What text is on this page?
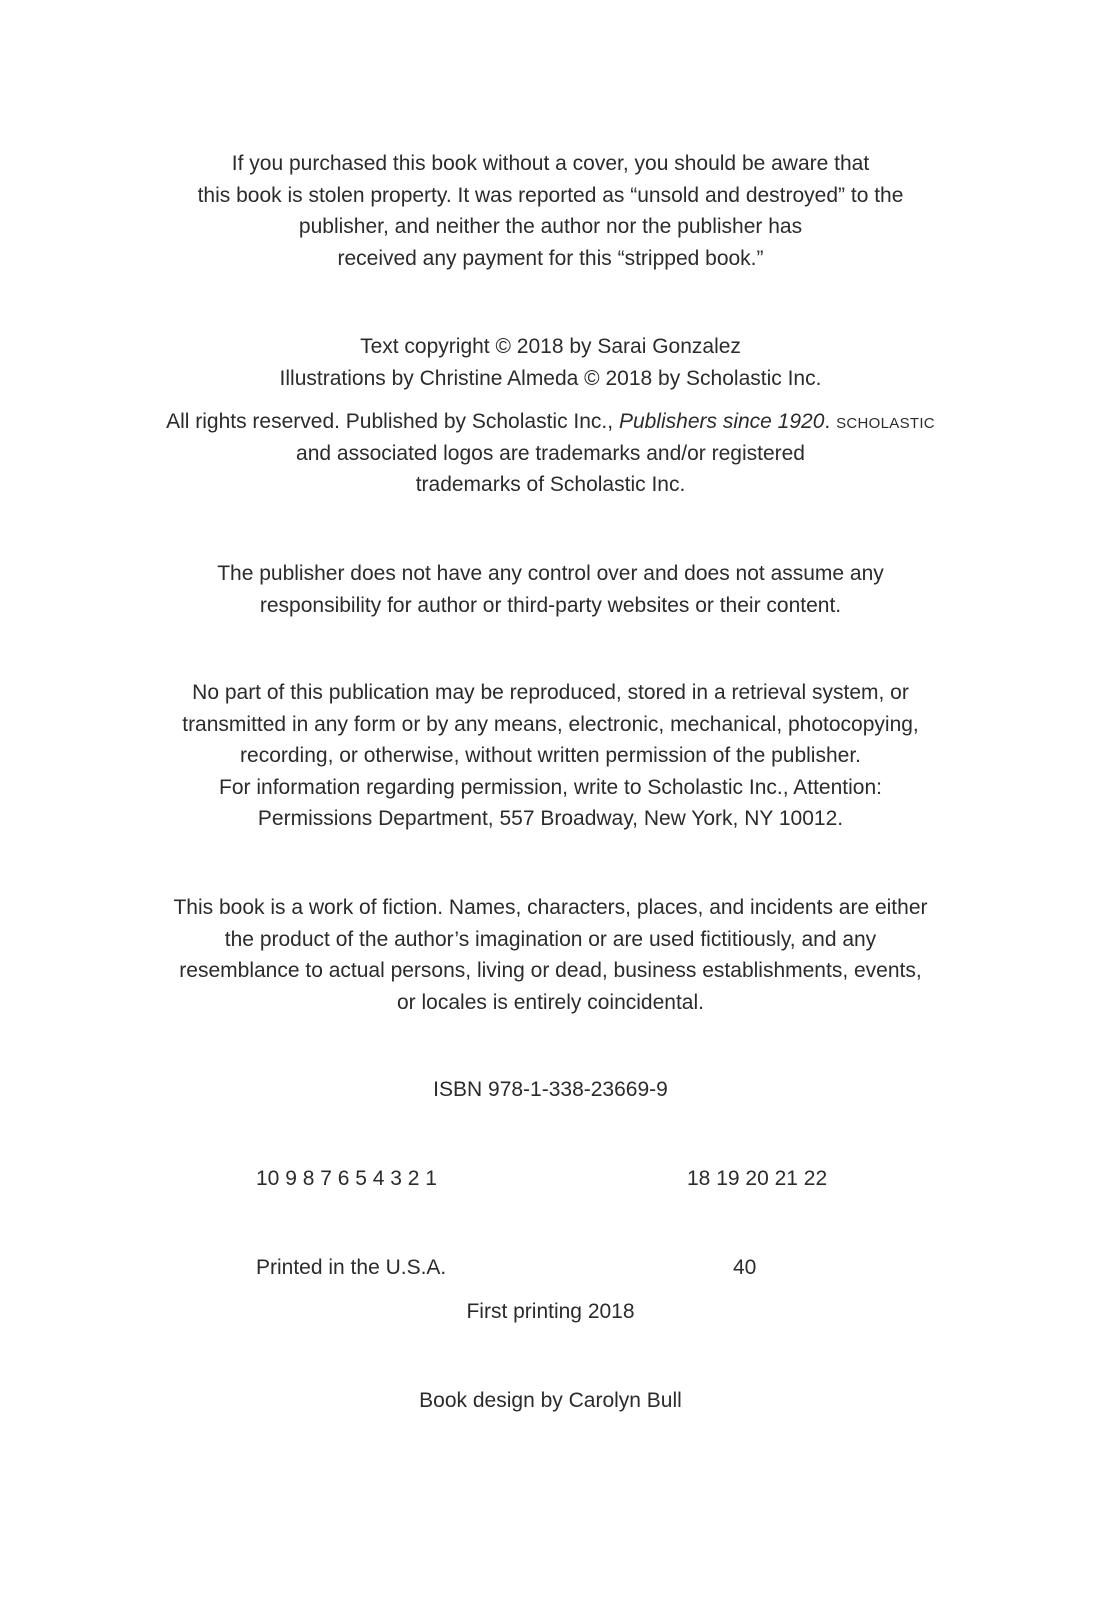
If you purchased this book without a cover, you should be aware that
this book is stolen property. It was reported as “unsold and destroyed” to the
publisher, and neither the author nor the publisher has
received any payment for this “stripped book.”
Text copyright © 2018 by Sarai Gonzalez
Illustrations by Christine Almeda © 2018 by Scholastic Inc.
All rights reserved. Published by Scholastic Inc., Publishers since 1920. SCHOLASTIC
and associated logos are trademarks and/or registered
trademarks of Scholastic Inc.
The publisher does not have any control over and does not assume any
responsibility for author or third-party websites or their content.
No part of this publication may be reproduced, stored in a retrieval system, or
transmitted in any form or by any means, electronic, mechanical, photocopying,
recording, or otherwise, without written permission of the publisher.
For information regarding permission, write to Scholastic Inc., Attention:
Permissions Department, 557 Broadway, New York, NY 10012.
This book is a work of fiction. Names, characters, places, and incidents are either
the product of the author’s imagination or are used fictitiously, and any
resemblance to actual persons, living or dead, business establishments, events,
or locales is entirely coincidental.
ISBN 978-1-338-23669-9
10 9 8 7 6 5 4 3 2 1	18 19 20 21 22
Printed in the U.S.A.	40
First printing 2018
Book design by Carolyn Bull
